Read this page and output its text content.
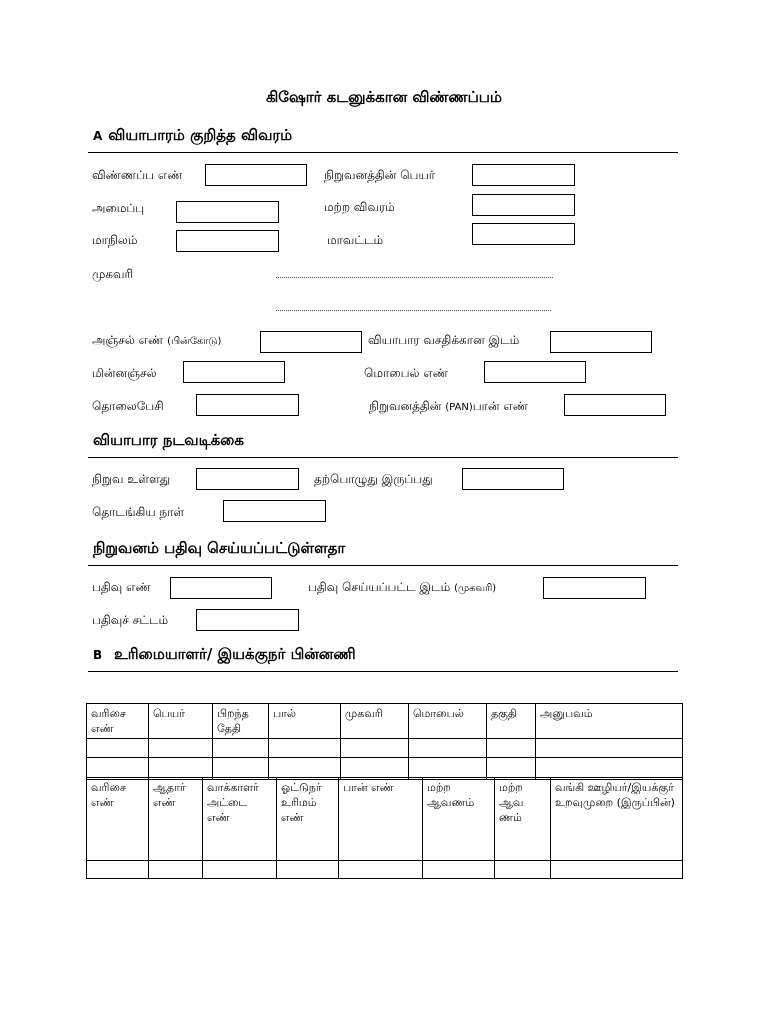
கிஷோர் கடனுக்கான விண்ணப்பம்
A வியாபாரம் குறித்த விவரம்
விண்ணப்ப எண்	நிறுவனத்தின் பெயர்
அமைப்பு	மற்ற விவரம்
மாநிலம்	மாவட்டம்
முகவரி
அஞ்சல் எண் (பின்கோடு)	வியாபார வசதிக்கான இடம்
மின்னஞ்சல்	மொபைல் எண்
தொலைபேசி	நிறுவனத்தின் (PAN)பான் எண்
வியாபார நடவடிக்கை
நிறுவ உள்ளது	தற்பொழுது இருப்பது
தொடங்கிய நாள்
நிறுவனம் பதிவு செய்யப்பட்டுள்ளதா
பதிவு எண்	பதிவு செய்யப்பட்ட இடம் (முகவரி)
பதிவுச் சட்டம்
B உரிமையாளர்/ இயக்குநர் பின்னணி
வரிசை எண்	பெயர்	பிறந்த தேதி	பால்	முகவரி	மொபைல்	தகுதி	அனுபவம்

வரிசை எண்	ஆதார் எண்	வாக்காளர் அட்டை எண்	ஓட்டுநர் உரிமம் எண்	பான் எண்	மற்ற ஆவணம்	மற்ற ஆவ ணம்	வங்கி ஊழியர்/இயக்குர் உறவுமுறை (இருப்பின்)
